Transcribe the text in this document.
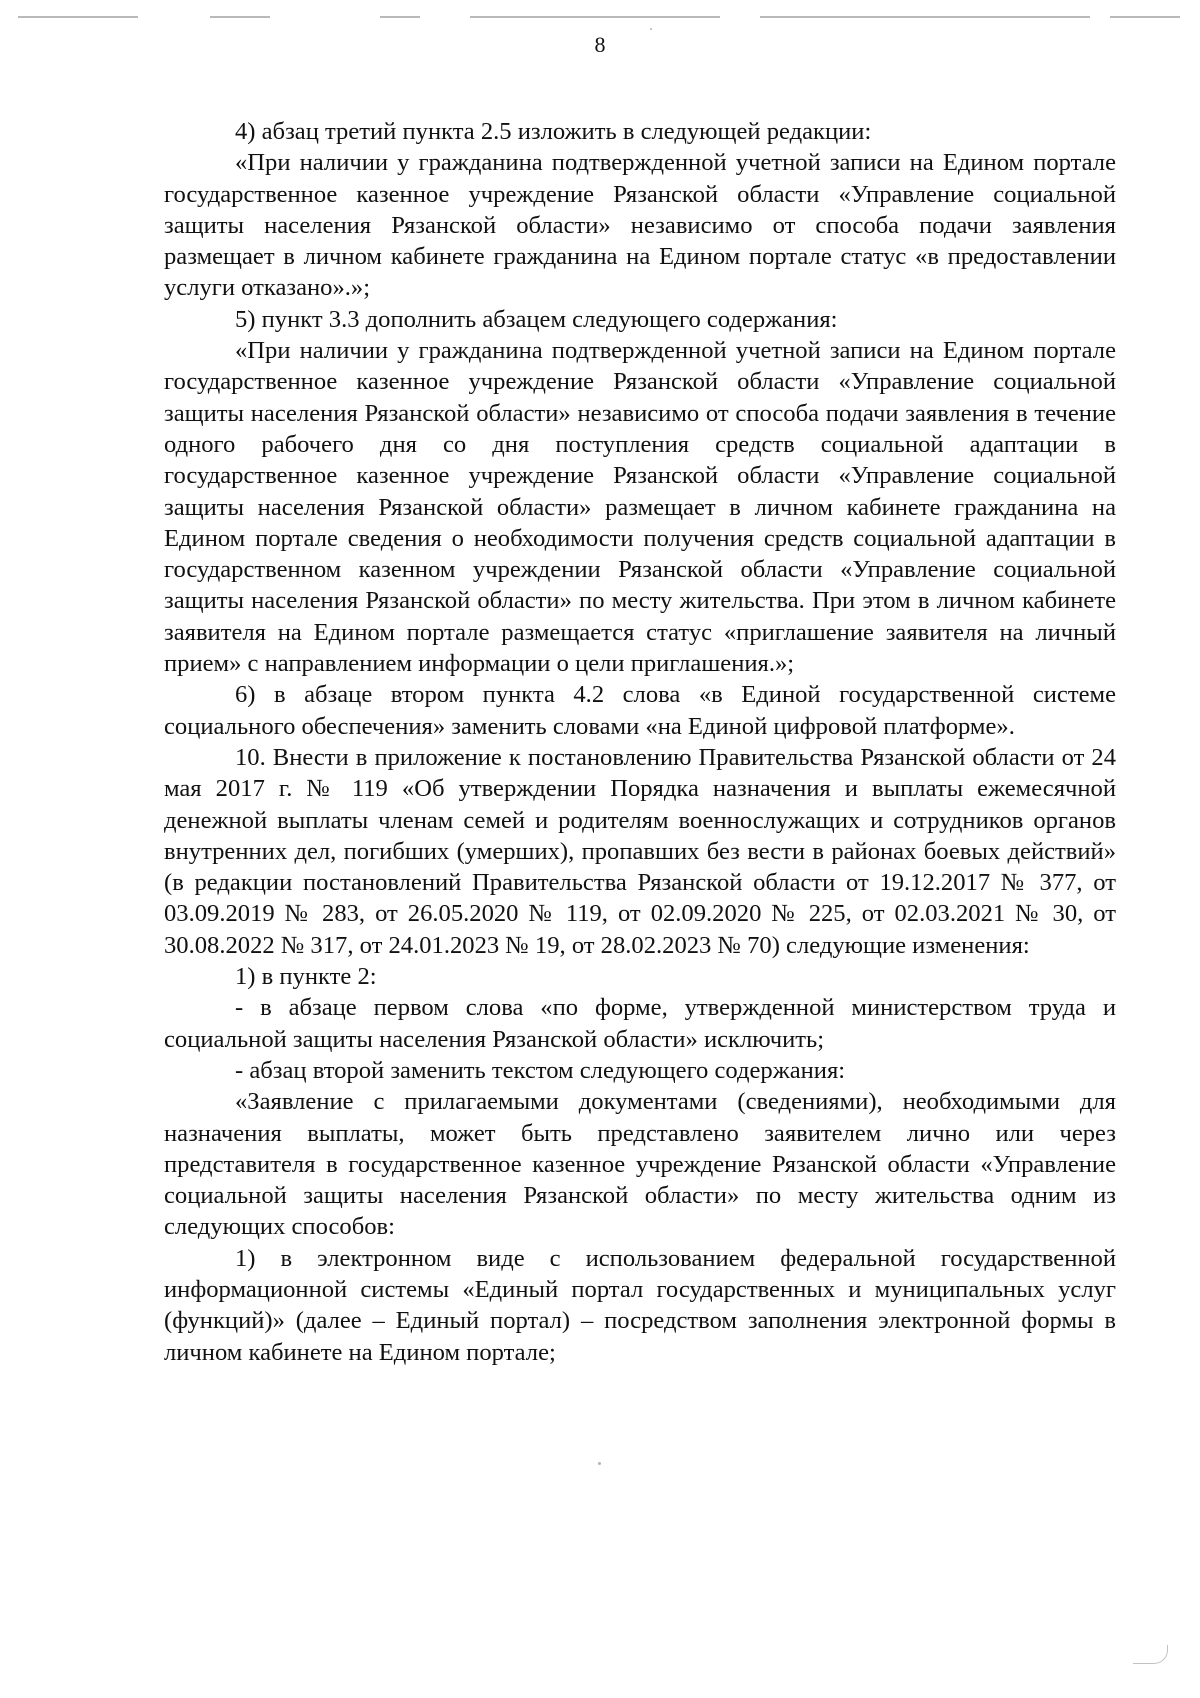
8

4) абзац третий пункта 2.5 изложить в следующей редакции:

«При наличии у гражданина подтвержденной учетной записи на Едином портале государственное казенное учреждение Рязанской области «Управление социальной защиты населения Рязанской области» независимо от способа подачи заявления размещает в личном кабинете гражданина на Едином портале статус «в предоставлении услуги отказано».»;

5) пункт 3.3 дополнить абзацем следующего содержания:

«При наличии у гражданина подтвержденной учетной записи на Едином портале государственное казенное учреждение Рязанской области «Управление социальной защиты населения Рязанской области» независимо от способа подачи заявления в течение одного рабочего дня со дня поступления средств социальной адаптации в государственное казенное учреждение Рязанской области «Управление социальной защиты населения Рязанской области» размещает в личном кабинете гражданина на Едином портале сведения о необходимости получения средств социальной адаптации в государственном казенном учреждении Рязанской области «Управление социальной защиты населения Рязанской области» по месту жительства. При этом в личном кабинете заявителя на Едином портале размещается статус «приглашение заявителя на личный прием» с направлением информации о цели приглашения.»;

6) в абзаце втором пункта 4.2 слова «в Единой государственной системе социального обеспечения» заменить словами «на Единой цифровой платформе».

10. Внести в приложение к постановлению Правительства Рязанской области от 24 мая 2017 г. № 119 «Об утверждении Порядка назначения и выплаты ежемесячной денежной выплаты членам семей и родителям военнослужащих и сотрудников органов внутренних дел, погибших (умерших), пропавших без вести в районах боевых действий» (в редакции постановлений Правительства Рязанской области от 19.12.2017 № 377, от 03.09.2019 № 283, от 26.05.2020 № 119, от 02.09.2020 № 225, от 02.03.2021 № 30, от 30.08.2022 № 317, от 24.01.2023 № 19, от 28.02.2023 № 70) следующие изменения:

1) в пункте 2:

- в абзаце первом слова «по форме, утвержденной министерством труда и социальной защиты населения Рязанской области» исключить;

- абзац второй заменить текстом следующего содержания:

«Заявление с прилагаемыми документами (сведениями), необходимыми для назначения выплаты, может быть представлено заявителем лично или через представителя в государственное казенное учреждение Рязанской области «Управление социальной защиты населения Рязанской области» по месту жительства одним из следующих способов:

1) в электронном виде с использованием федеральной государственной информационной системы «Единый портал государственных и муниципальных услуг (функций)» (далее – Единый портал) – посредством заполнения электронной формы в личном кабинете на Едином портале;
